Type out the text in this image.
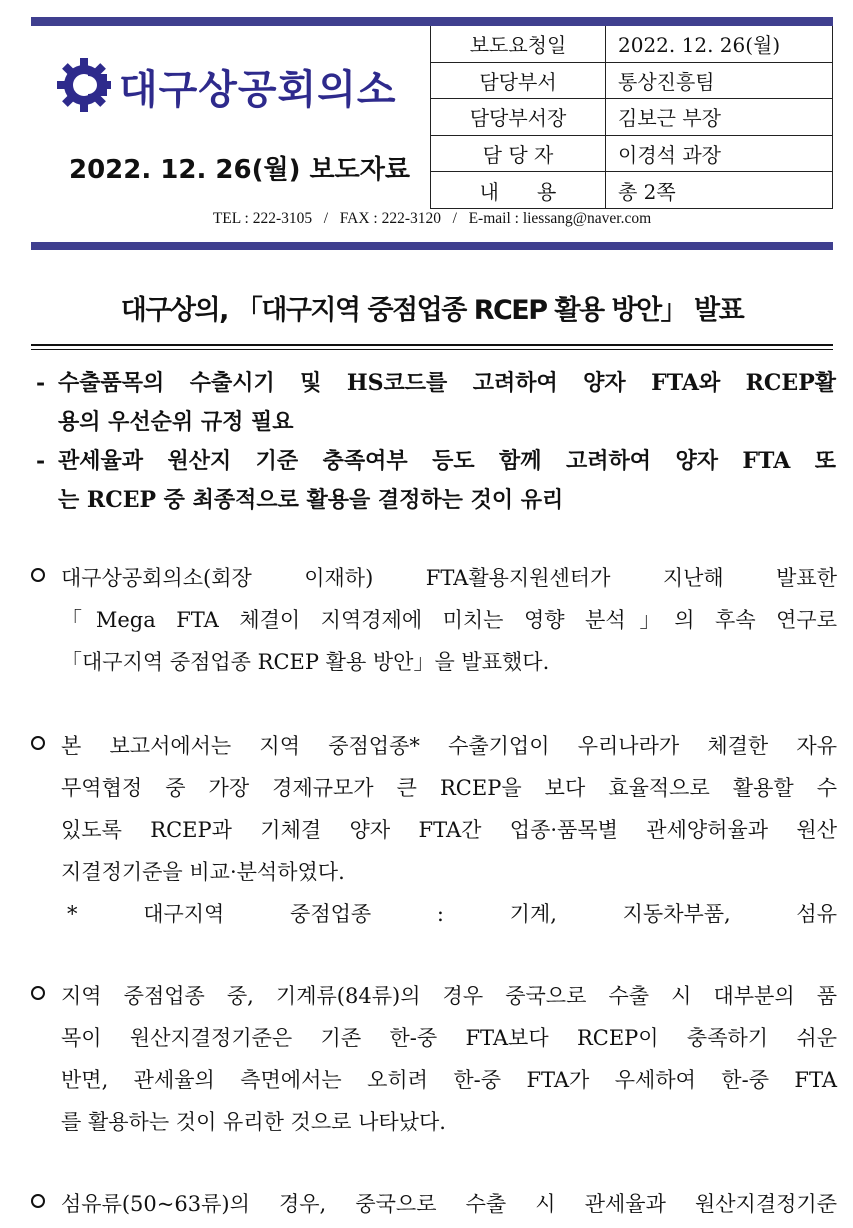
대구상공회의소
2022. 12. 26(월) 보도자료
보도요청일	2022. 12. 26(월)
담당부서	통상진흥팀
담당부서장	김보근 부장
담 당 자	이경석 과장
내      용	총 2쪽
TEL : 222-3105   /   FAX : 222-3120   /   E-mail : liessang@naver.com
대구상의, 「대구지역 중점업종 RCEP 활용 방안」 발표
- 수출품목의 수출시기 및 HS코드를 고려하여 양자 FTA와 RCEP활
용의 우선순위 규정 필요
- 관세율과 원산지 기준 충족여부 등도 함께 고려하여 양자 FTA 또
는 RCEP 중 최종적으로 활용을 결정하는 것이 유리
대구상공회의소(회장  이재하)  FTA활용지원센터가  지난해  발표한
「Mega FTA 체결이 지역경제에 미치는 영향 분석」의 후속 연구로
「대구지역 중점업종 RCEP 활용 방안」을 발표했다.
본 보고서에서는 지역 중점업종* 수출기업이 우리나라가 체결한 자유
무역협정 중 가장 경제규모가 큰 RCEP을 보다 효율적으로 활용할 수
있도록 RCEP과 기체결 양자 FTA간 업종·품목별 관세양허율과 원산
지결정기준을 비교·분석하였다.
* 대구지역 중점업종 : 기계, 지동차부품, 섬유
지역 중점업종 중, 기계류(84류)의 경우 중국으로 수출 시 대부분의 품
목이 원산지결정기준은 기존 한-중 FTA보다 RCEP이 충족하기 쉬운
반면, 관세율의 측면에서는 오히려 한-중 FTA가 우세하여 한-중 FTA
를 활용하는 것이 유리한 것으로 나타났다.
섬유류(50~63류)의 경우, 중국으로 수출 시 관세율과 원산지결정기준
